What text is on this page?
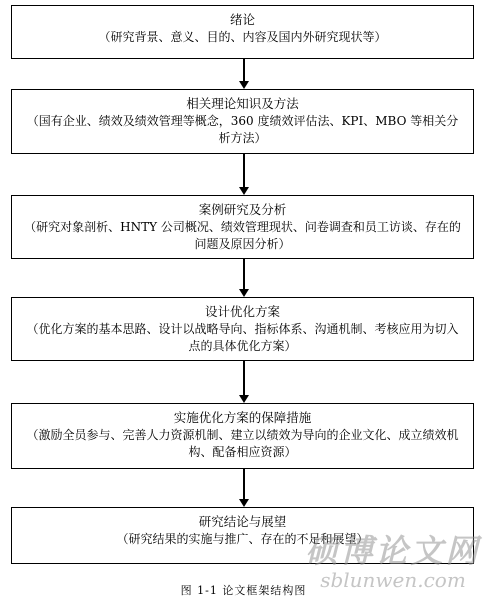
绪论
（研究背景、意义、目的、内容及国内外研究现状等）
相关理论知识及方法
（国有企业、绩效及绩效管理等概念，360 度绩效评估法、KPI、MBO 等相关分析方法）
案例研究及分析
（研究对象剖析、HNTY 公司概况、绩效管理现状、问卷调查和员工访谈、存在的问题及原因分析）
设计优化方案
（优化方案的基本思路、设计以战略导向、指标体系、沟通机制、考核应用为切入点的具体优化方案）
实施优化方案的保障措施
（激励全员参与、完善人力资源机制、建立以绩效为导向的企业文化、成立绩效机构、配备相应资源）
研究结论与展望
（研究结果的实施与推广、存在的不足和展望）
硕博论文网
sblunwen.com
图 1-1 论文框架结构图
